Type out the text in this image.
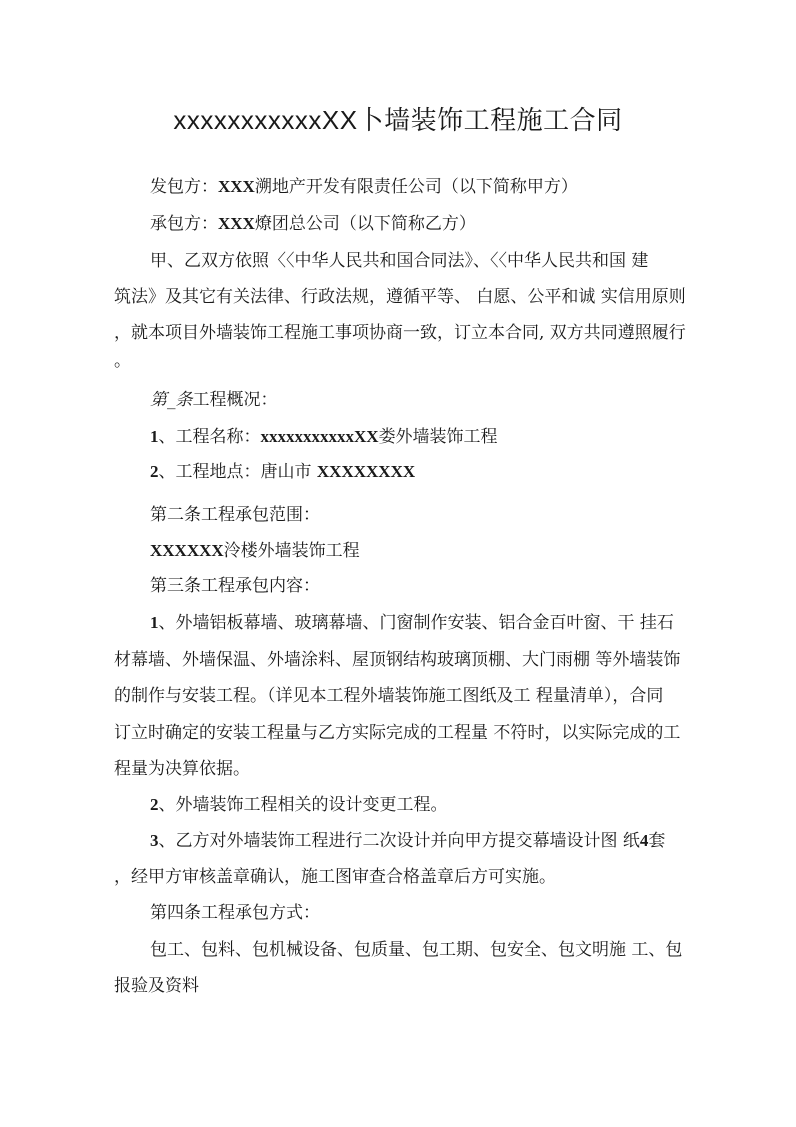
xxxxxxxxxxxXX卜墙装饰工程施工合同
发包方：XXX溯地产开发有限责任公司（以下简称甲方）
承包方：XXX燎团总公司（以下简称乙方）
甲、乙双方依照〈〈中华人民共和国合同法》、〈〈中华人民共和国 建
筑法》及其它有关法律、行政法规，遵循平等、 白愿、公平和诚 实信用原则
，就本项目外墙装饰工程施工事项协商一致，订立本合同, 双方共同遵照履行
。
第_条工程概况：
1、工程名称：xxxxxxxxxxxXX娄外墙装饰工程
2、工程地点：唐山市 XXXXXXXX
第二条工程承包范围：
XXXXXX泠楼外墙装饰工程
第三条工程承包内容：
1、外墙铝板幕墙、玻璃幕墙、门窗制作安装、铝合金百叶窗、干 挂石
材幕墙、外墙保温、外墙涂料、屋顶钢结构玻璃顶棚、大门雨棚 等外墙装饰
的制作与安装工程。（详见本工程外墙装饰施工图纸及工 程量清单），合同
订立时确定的安装工程量与乙方实际完成的工程量 不符时，以实际完成的工
程量为决算依据。
2、外墙装饰工程相关的设计变更工程。
3、乙方对外墙装饰工程进行二次设计并向甲方提交幕墙设计图 纸4套
，经甲方审核盖章确认，施工图审查合格盖章后方可实施。
第四条工程承包方式：
包工、包料、包机械设备、包质量、包工期、包安全、包文明施 工、包
报验及资料
